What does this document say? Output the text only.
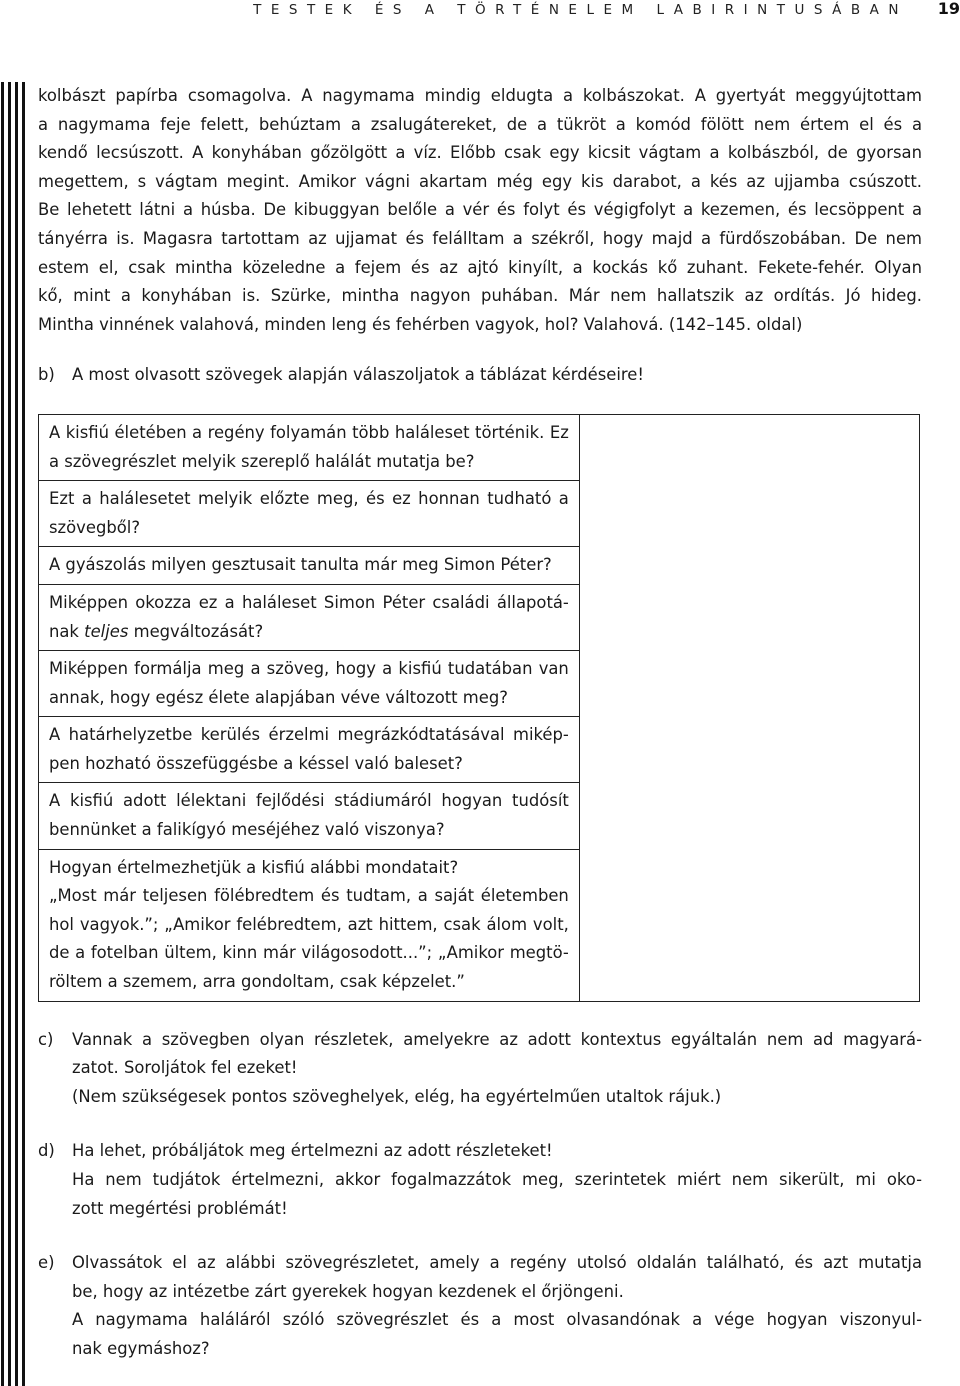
TESTEK ÉS A TÖRTÉNELEM LABIRINTUSÁBAN 19
kolbászt papírba csomagolva. A nagymama mindig eldugta a kolbászokat. A gyertyát meggyújtottam
a nagymama feje felett, behúztam a zsalugátereket, de a tükröt a komód fölött nem értem el és a
kendő lecsúszott. A konyhában gőzölgött a víz. Előbb csak egy kicsit vágtam a kolbászból, de gyorsan
megettem, s vágtam megint. Amikor vágni akartam még egy kis darabot, a kés az ujjamba csúszott.
Be lehetett látni a húsba. De kibuggyan belőle a vér és folyt és végigfolyt a kezemen, és lecsöppent a
tányérra is. Magasra tartottam az ujjamat és felálltam a székről, hogy majd a fürdőszobában. De nem
estem el, csak mintha közeledne a fejem és az ajtó kinyílt, a kockás kő zuhant. Fekete-fehér. Olyan
kő, mint a konyhában is. Szürke, mintha nagyon puhában. Már nem hallatszik az ordítás. Jó hideg.
Mintha vinnének valahová, minden leng és fehérben vagyok, hol? Valahová. (142–145. oldal)
b) A most olvasott szövegek alapján válaszoljatok a táblázat kérdéseire!
A kisfiú életében a regény folyamán több haláleset történik. Ez
a szövegrészlet melyik szereplő halálát mutatja be?

Ezt a halálesetet melyik előzte meg, és ez honnan tudható a
szövegből?

A gyászolás milyen gesztusait tanulta már meg Simon Péter?

Miképpen okozza ez a haláleset Simon Péter családi állapotá-
nak teljes megváltozását?

Miképpen formálja meg a szöveg, hogy a kisfiú tudatában van
annak, hogy egész élete alapjában véve változott meg?

A határhelyzetbe kerülés érzelmi megrázkódtatásával mikép-
pen hozható összefüggésbe a késsel való baleset?

A kisfiú adott lélektani fejlődési stádiumáról hogyan tudósít
bennünket a falikígyó meséjéhez való viszonya?

Hogyan értelmezhetjük a kisfiú alábbi mondatait?
„Most már teljesen fölébredtem és tudtam, a saját életemben
hol vagyok.”; „Amikor felébredtem, azt hittem, csak álom volt,
de a fotelban ültem, kinn már világosodott...”; „Amikor megtö-
röltem a szemem, arra gondoltam, csak képzelet.”
c) Vannak a szövegben olyan részletek, amelyekre az adott kontextus egyáltalán nem ad magyará-
zatot. Soroljátok fel ezeket!
(Nem szükségesek pontos szöveghelyek, elég, ha egyértelműen utaltok rájuk.)
d) Ha lehet, próbáljátok meg értelmezni az adott részleteket!
Ha nem tudjátok értelmezni, akkor fogalmazzátok meg, szerintetek miért nem sikerült, mi oko-
zott megértési problémát!
e) Olvassátok el az alábbi szövegrészletet, amely a regény utolsó oldalán található, és azt mutatja
be, hogy az intézetbe zárt gyerekek hogyan kezdenek el őrjöngeni.
A nagymama haláláról szóló szövegrészlet és a most olvasandónak a vége hogyan viszonyul-
nak egymáshoz?
